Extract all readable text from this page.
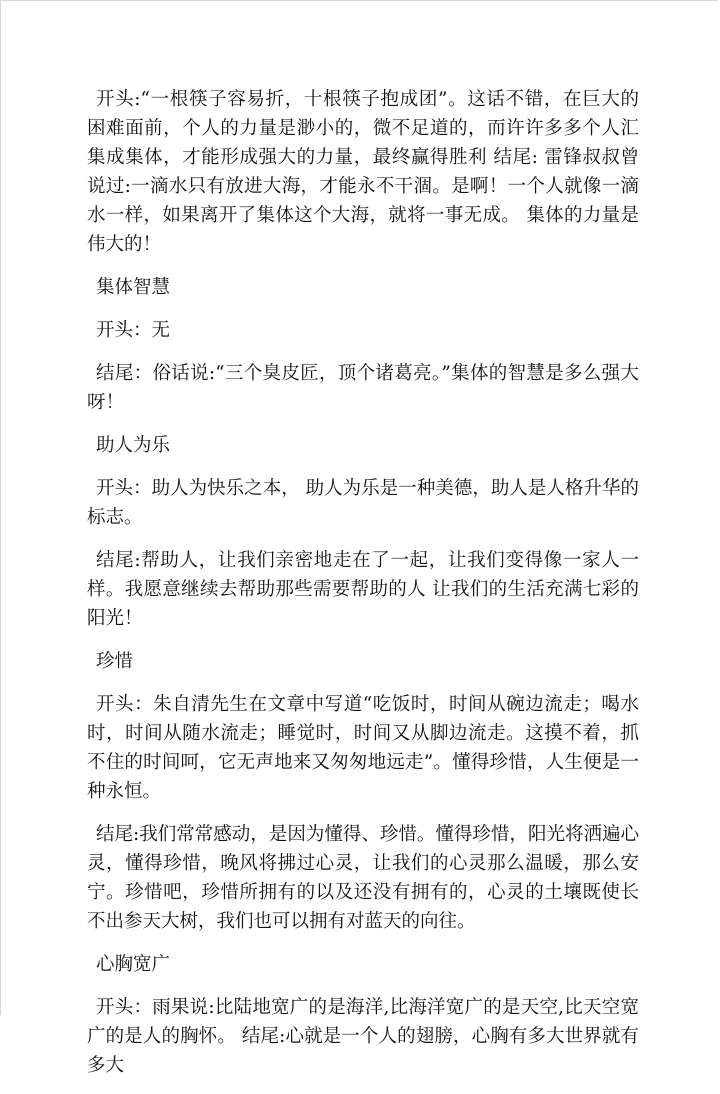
开头:“一根筷子容易折，十根筷子抱成团”。这话不错，在巨大的困难面前，个人的力量是渺小的，微不足道的，而许许多多个人汇集成集体，才能形成强大的力量，最终赢得胜利 结尾: 雷锋叔叔曾说过:一滴水只有放进大海，才能永不干涸。是啊！一个人就像一滴水一样，如果离开了集体这个大海，就将一事无成。 集体的力量是伟大的！

集体智慧

开头：无

结尾：俗话说:“三个臭皮匠，顶个诸葛亮。”集体的智慧是多么强大呀！

助人为乐

开头：助人为快乐之本， 助人为乐是一种美德，助人是人格升华的标志。

结尾:帮助人，让我们亲密地走在了一起，让我们变得像一家人一样。我愿意继续去帮助那些需要帮助的人 让我们的生活充满七彩的阳光！

珍惜

开头：朱自清先生在文章中写道“吃饭时，时间从碗边流走；喝水时，时间从随水流走；睡觉时，时间又从脚边流走。这摸不着，抓不住的时间呵，它无声地来又匆匆地远走”。懂得珍惜，人生便是一种永恒。

结尾:我们常常感动，是因为懂得、珍惜。懂得珍惜，阳光将洒遍心灵，懂得珍惜，晚风将拂过心灵，让我们的心灵那么温暖，那么安宁。珍惜吧，珍惜所拥有的以及还没有拥有的，心灵的土壤既使长不出参天大树，我们也可以拥有对蓝天的向往。

心胸宽广

开头：雨果说:比陆地宽广的是海洋,比海洋宽广的是天空,比天空宽广的是人的胸怀。 结尾:心就是一个人的翅膀，心胸有多大世界就有多大
